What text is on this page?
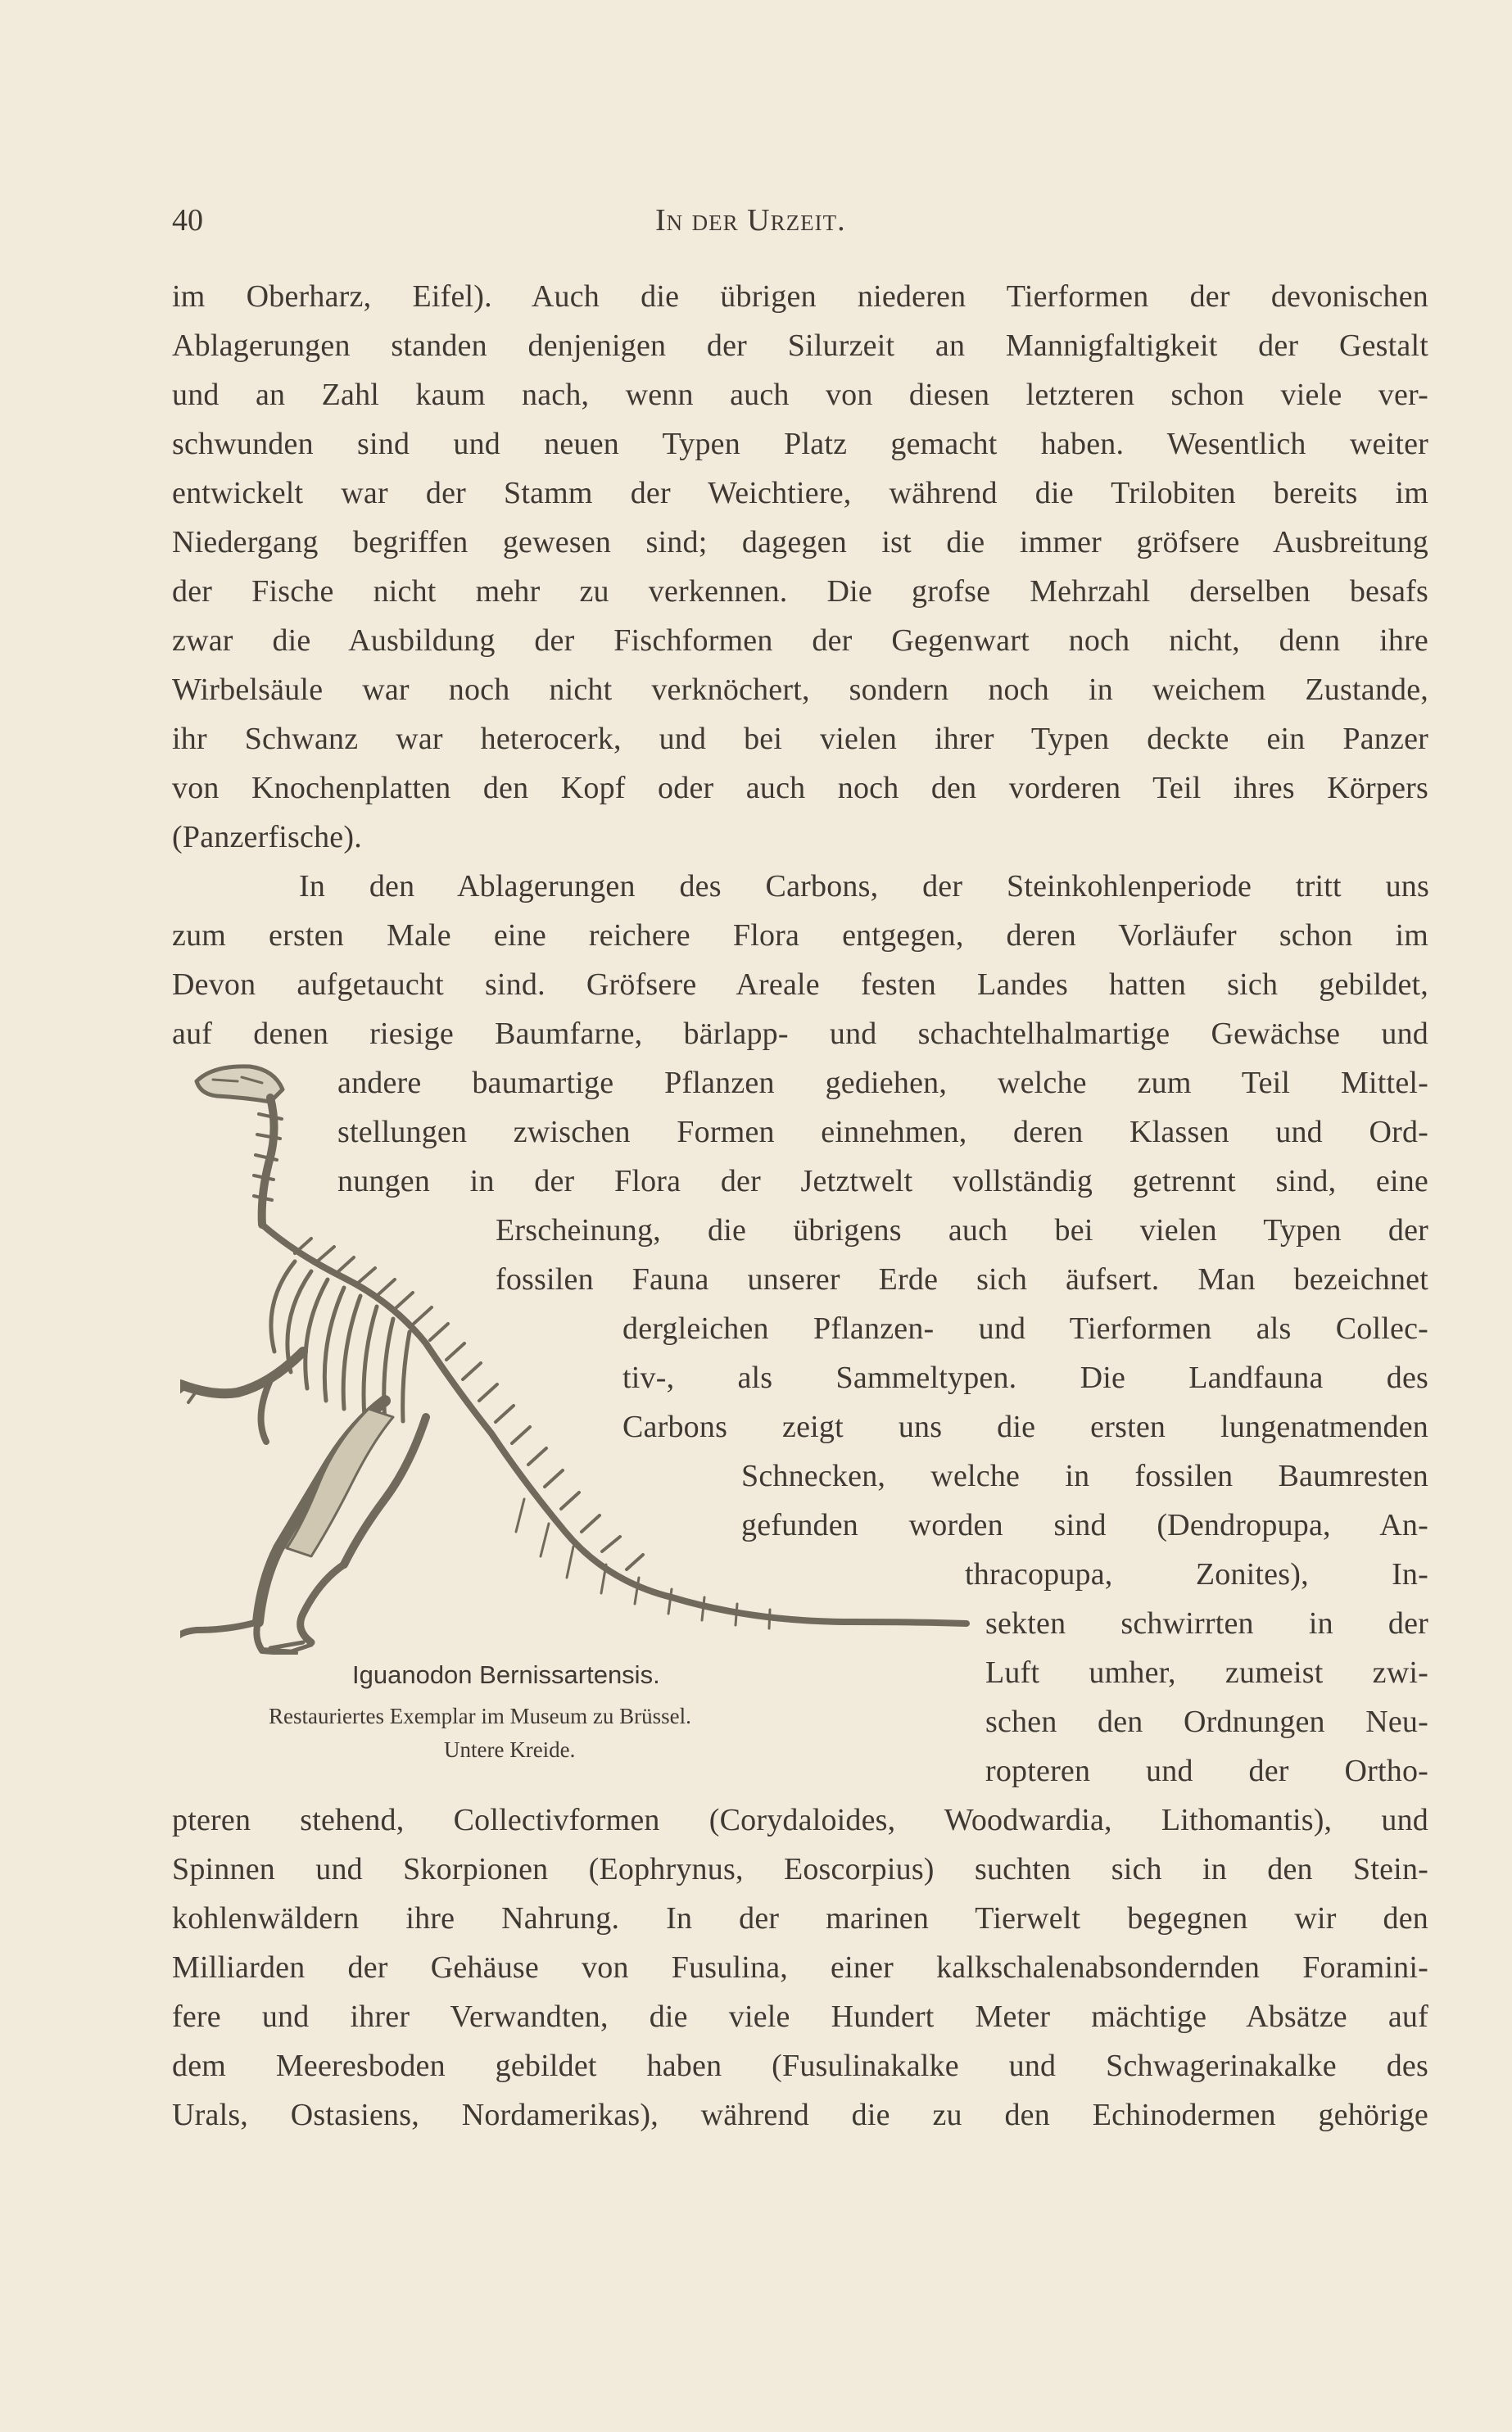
40	In der Urzeit.
im Oberharz, Eifel). Auch die übrigen niederen Tierformen der devonischen
Ablagerungen standen denjenigen der Silurzeit an Mannigfaltigkeit der Gestalt
und an Zahl kaum nach, wenn auch von diesen letzteren schon viele ver-
schwunden sind und neuen Typen Platz gemacht haben. Wesentlich weiter
entwickelt war der Stamm der Weichtiere, während die Trilobiten bereits im
Niedergang begriffen gewesen sind; dagegen ist die immer gröfsere Ausbreitung
der Fische nicht mehr zu verkennen. Die grofse Mehrzahl derselben besafs
zwar die Ausbildung der Fischformen der Gegenwart noch nicht, denn ihre
Wirbelsäule war noch nicht verknöchert, sondern noch in weichem Zustande,
ihr Schwanz war heterocerk, und bei vielen ihrer Typen deckte ein Panzer
von Knochenplatten den Kopf oder auch noch den vorderen Teil ihres Körpers
(Panzerfische).
In den Ablagerungen des Carbons, der Steinkohlenperiode tritt uns
zum ersten Male eine reichere Flora entgegen, deren Vorläufer schon im
Devon aufgetaucht sind. Gröfsere Areale festen Landes hatten sich gebildet,
auf denen riesige Baumfarne, bärlapp- und schachtelhalmartige Gewächse und
andere baumartige Pflanzen gediehen, welche zum Teil Mittel-
stellungen zwischen Formen einnehmen, deren Klassen und Ord-
nungen in der Flora der Jetztwelt vollständig getrennt sind, eine
Erscheinung, die übrigens auch bei vielen Typen der
fossilen Fauna unserer Erde sich äufsert. Man bezeichnet
dergleichen Pflanzen- und Tierformen als Collec-
tiv-, als Sammeltypen. Die Landfauna des
Carbons zeigt uns die ersten lungenatmenden
Schnecken, welche in fossilen Baumresten
gefunden worden sind (Dendropupa, An-
thracopupa, Zonites), In-
sekten schwirrten in der
Luft umher, zumeist zwi-
schen den Ordnungen Neu-
ropteren und der Ortho-
pteren stehend, Collectivformen (Corydaloides, Woodwardia, Lithomantis), und
Spinnen und Skorpionen (Eophrynus, Eoscorpius) suchten sich in den Stein-
kohlenwäldern ihre Nahrung. In der marinen Tierwelt begegnen wir den
Milliarden der Gehäuse von Fusulina, einer kalkschalenabsondernden Foramini-
fere und ihrer Verwandten, die viele Hundert Meter mächtige Absätze auf
dem Meeresboden gebildet haben (Fusulinakalke und Schwagerinakalke des
Urals, Ostasiens, Nordamerikas), während die zu den Echinodermen gehörige
Iguanodon Bernissartensis.
Restauriertes Exemplar im Museum zu Brüssel.
Untere Kreide.
